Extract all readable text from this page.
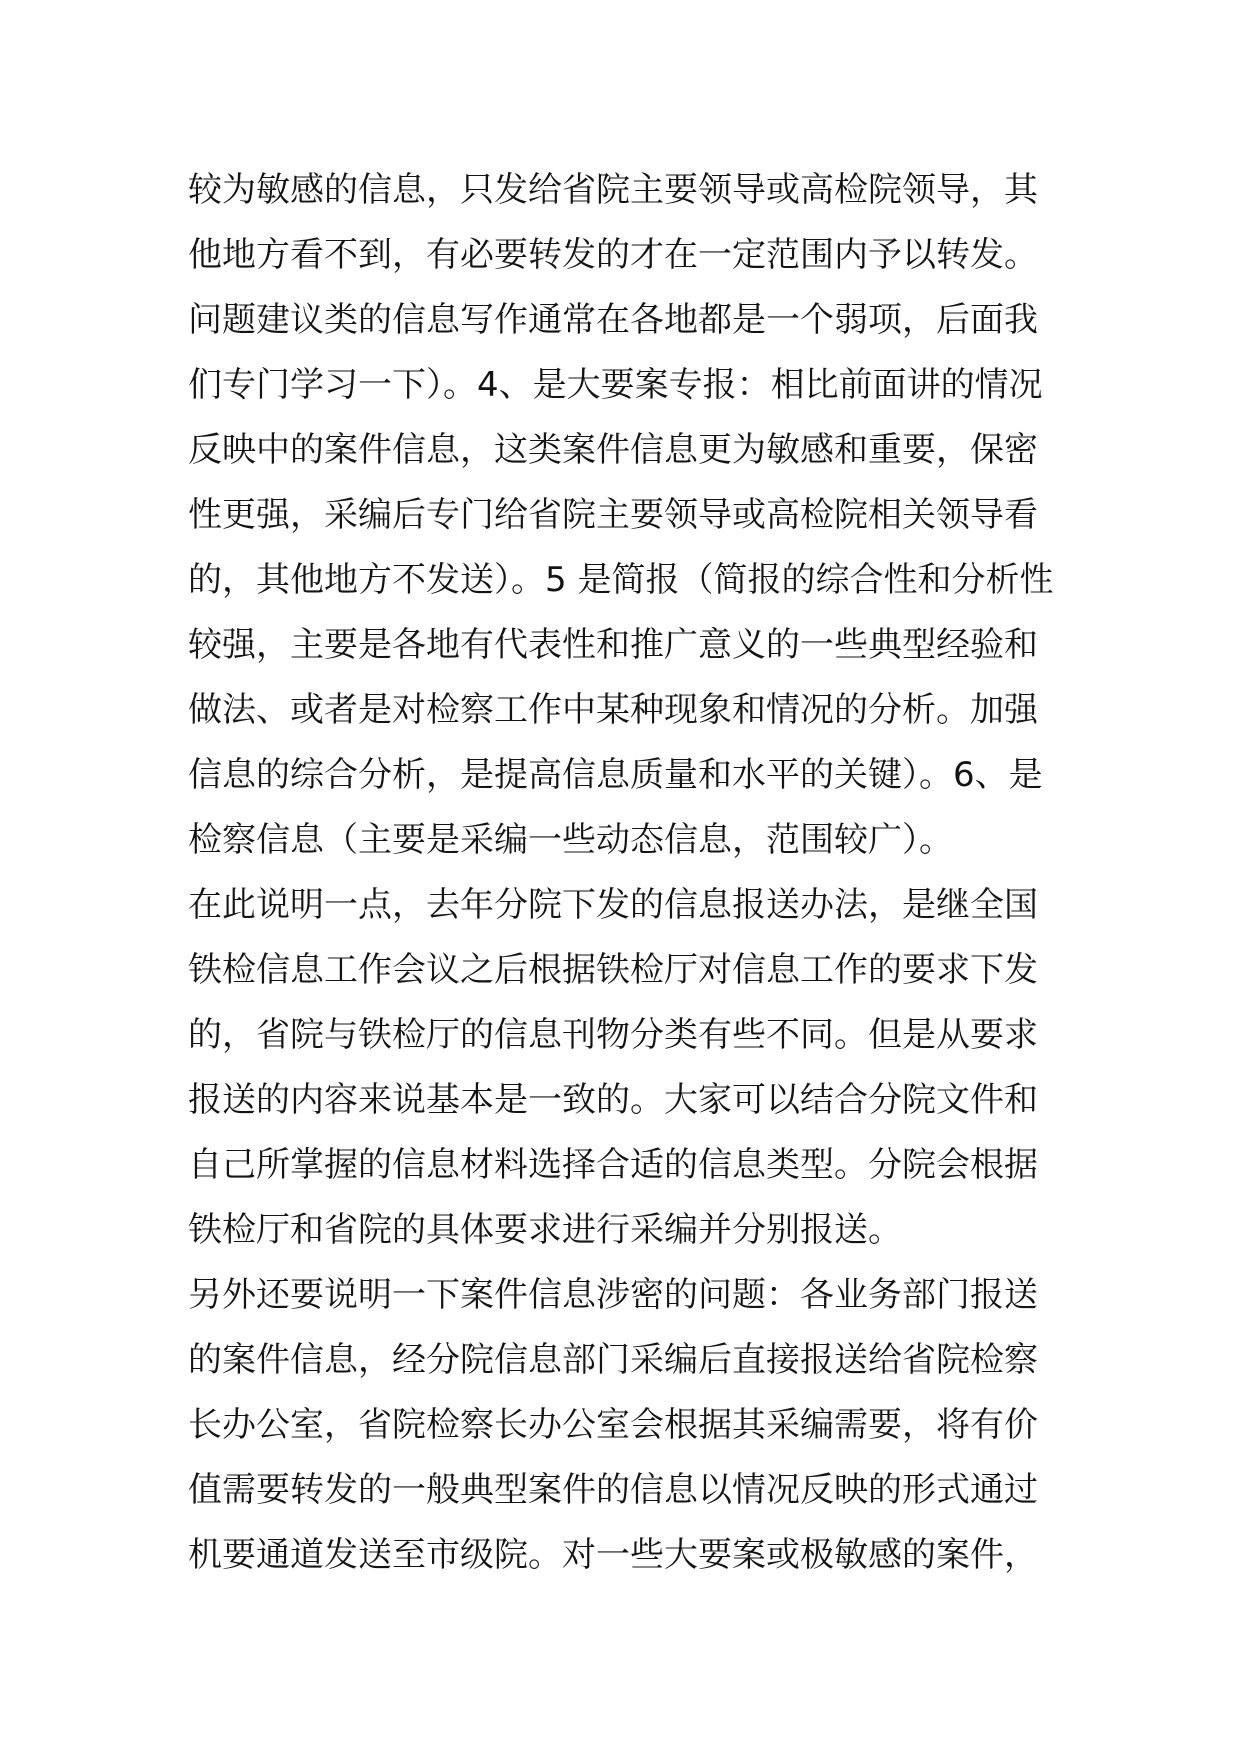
较为敏感的信息，只发给省院主要领导或高检院领导，其
他地方看不到，有必要转发的才在一定范围内予以转发。
问题建议类的信息写作通常在各地都是一个弱项，后面我
们专门学习一下）。4、是大要案专报：相比前面讲的情况
反映中的案件信息，这类案件信息更为敏感和重要，保密
性更强，采编后专门给省院主要领导或高检院相关领导看
的，其他地方不发送）。5 是简报（简报的综合性和分析性
较强，主要是各地有代表性和推广意义的一些典型经验和
做法、或者是对检察工作中某种现象和情况的分析。加强
信息的综合分析，是提高信息质量和水平的关键）。6、是
检察信息（主要是采编一些动态信息，范围较广）。
在此说明一点，去年分院下发的信息报送办法，是继全国
铁检信息工作会议之后根据铁检厅对信息工作的要求下发
的，省院与铁检厅的信息刊物分类有些不同。但是从要求
报送的内容来说基本是一致的。大家可以结合分院文件和
自己所掌握的信息材料选择合适的信息类型。分院会根据
铁检厅和省院的具体要求进行采编并分别报送。
另外还要说明一下案件信息涉密的问题：各业务部门报送
的案件信息，经分院信息部门采编后直接报送给省院检察
长办公室，省院检察长办公室会根据其采编需要，将有价
值需要转发的一般典型案件的信息以情况反映的形式通过
机要通道发送至市级院。对一些大要案或极敏感的案件，
